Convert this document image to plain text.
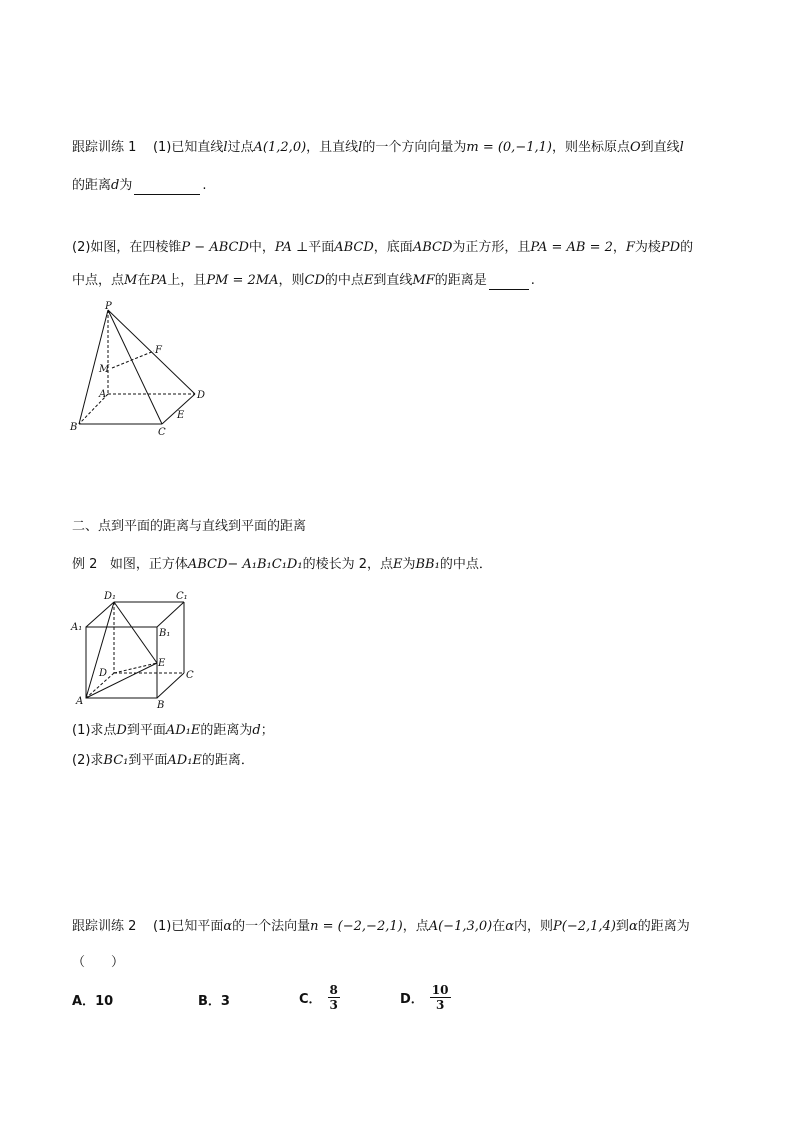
跟踪训练 1 (1)已知直线l过点A(1,2,0)，且直线l的一个方向向量为m = (0,−1,1)，则坐标原点O到直线l
的距离d为	.
(2)如图，在四棱锥P − ABCD中，PA ⊥平面ABCD，底面ABCD为正方形，且PA = AB = 2，F为棱PD的
中点，点M在PA上，且PM = 2MA，则CD的中点E到直线MF的距离是	.
P
F
M
A	D
E
B	C
二、点到平面的距离与直线到平面的距离
例 2 如图，正方体ABCD− A₁B₁C₁D₁的棱长为 2，点E为BB₁的中点．
D₁	C₁
A₁
B₁
E
D	C
A	B
(1)求点D到平面AD₁E的距离为d；
(2)求BC₁到平面AD₁E的距离．
跟踪训练 2 (1)已知平面α的一个法向量n = (−2,−2,1)，点A(−1,3,0)在α内，则P(−2,1,4)到α的距离为
（　　）
A．10	B．3	C． $\frac{8}{3}$	D． $\frac{10}{3}$
